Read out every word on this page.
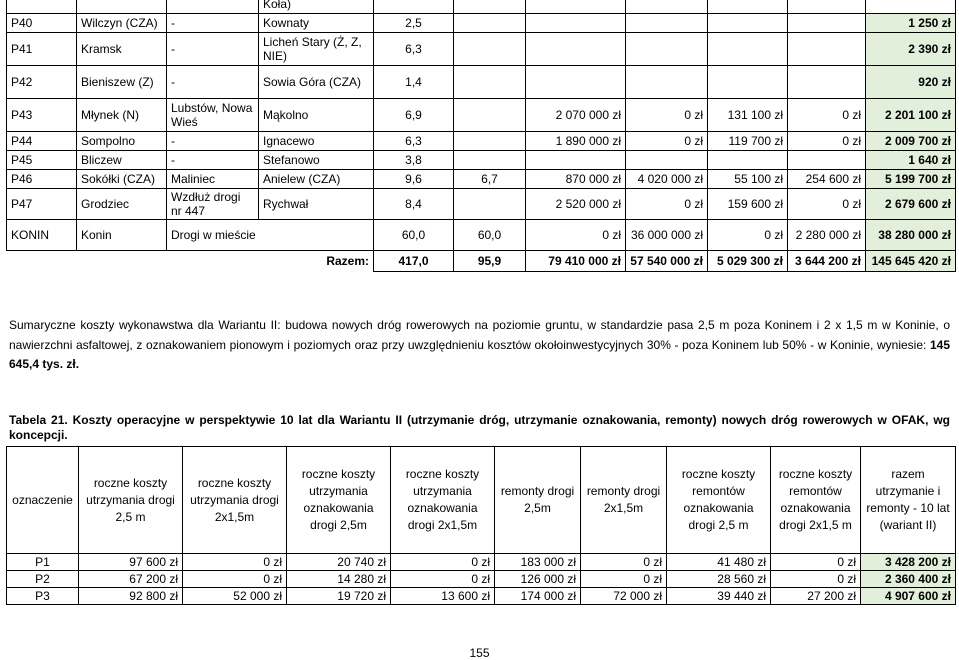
			Koła)							
P40	Wilczyn (CZA)	-	Kownaty	2,5						1 250 zł
P41	Kramsk	-	Licheń Stary (Ż, Z, NIE)	6,3						2 390 zł
P42	Bieniszew (Z)	-	Sowia Góra (CZA)	1,4						920 zł
P43	Młynek (N)	Lubstów, Nowa Wieś	Mąkolno	6,9		2 070 000 zł	0 zł	131 100 zł	0 zł	2 201 100 zł
P44	Sompolno	-	Ignacewo	6,3		1 890 000 zł	0 zł	119 700 zł	0 zł	2 009 700 zł
P45	Bliczew	-	Stefanowo	3,8						1 640 zł
P46	Sokółki (CZA)	Maliniec	Anielew (CZA)	9,6	6,7	870 000 zł	4 020 000 zł	55 100 zł	254 600 zł	5 199 700 zł
P47	Grodziec	Wzdłuż drogi nr 447	Rychwał	8,4		2 520 000 zł	0 zł	159 600 zł	0 zł	2 679 600 zł
KONIN	Konin	Drogi w mieście		60,0	60,0	0 zł	36 000 000 zł	0 zł	2 280 000 zł	38 280 000 zł
			Razem:	417,0	95,9	79 410 000 zł	57 540 000 zł	5 029 300 zł	3 644 200 zł	145 645 420 zł
Sumaryczne koszty wykonawstwa dla Wariantu II: budowa nowych dróg rowerowych na poziomie gruntu, w standardzie pasa 2,5 m poza Koninem i 2 x 1,5 m w Koninie, o nawierzchni asfaltowej, z oznakowaniem pionowym i poziomych oraz przy uwzględnieniu kosztów okołoinwestycyjnych 30% - poza Koninem lub 50% - w Koninie, wyniesie: 145 645,4 tys. zł.
Tabela 21. Koszty operacyjne w perspektywie 10 lat dla Wariantu II (utrzymanie dróg, utrzymanie oznakowania, remonty) nowych dróg rowerowych w OFAK, wg koncepcji.
oznaczenie	roczne koszty utrzymania drogi 2,5 m	roczne koszty utrzymania drogi 2x1,5m	roczne koszty utrzymania oznakowania drogi 2,5m	roczne koszty utrzymania oznakowania drogi 2x1,5m	remonty drogi 2,5m	remonty drogi 2x1,5m	roczne koszty remontów oznakowania drogi 2,5 m	roczne koszty remontów oznakowania drogi 2x1,5 m	razem utrzymanie i remonty - 10 lat (wariant II)
P1	97 600 zł	0 zł	20 740 zł	0 zł	183 000 zł	0 zł	41 480 zł	0 zł	3 428 200 zł
P2	67 200 zł	0 zł	14 280 zł	0 zł	126 000 zł	0 zł	28 560 zł	0 zł	2 360 400 zł
P3	92 800 zł	52 000 zł	19 720 zł	13 600 zł	174 000 zł	72 000 zł	39 440 zł	27 200 zł	4 907 600 zł
155
